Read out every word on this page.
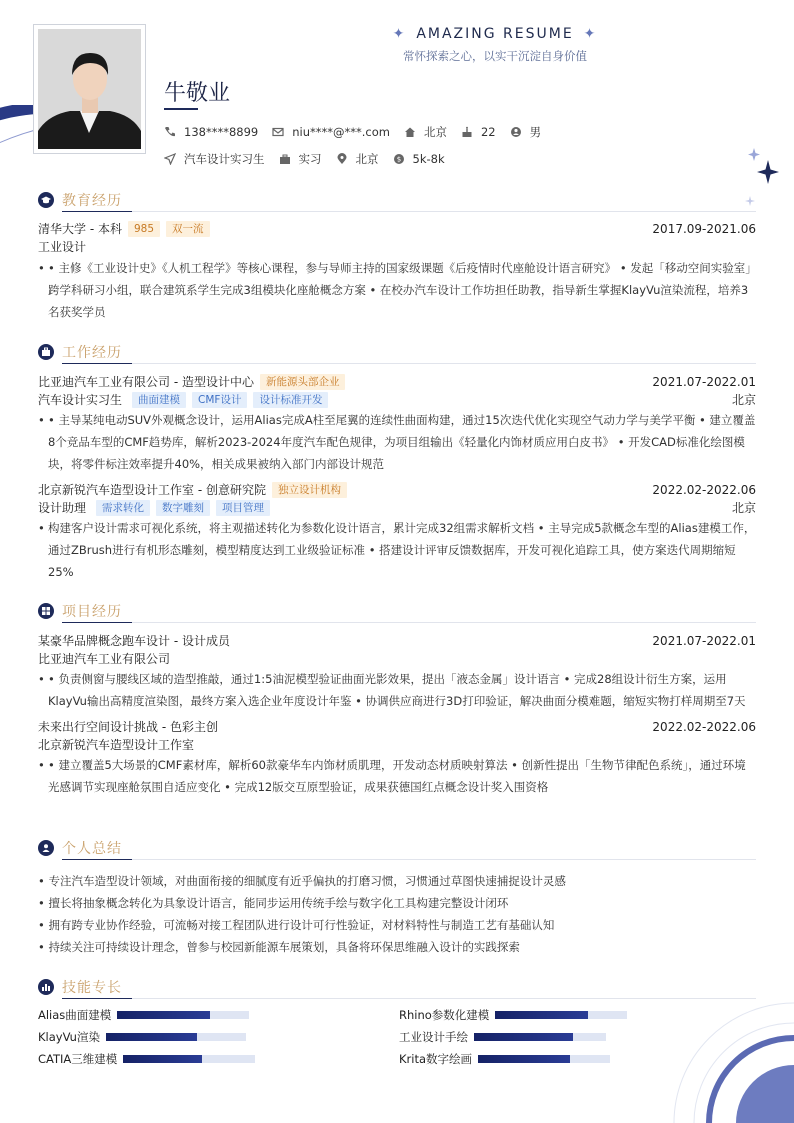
✦ AMAZING RESUME ✦
常怀探索之心，以实干沉淀自身价值
牛敬业
138****8899	niu****@***.com	北京	22	男
汽车设计实习生	实习	北京	$ 5k-8k
教育经历
清华大学 - 本科	985	双一流	2017.09-2021.06
工业设计
• • 主修《工业设计史》《人机工程学》等核心课程，参与导师主持的国家级课题《后疫情时代座舱设计语言研究》 • 发起「移动空间实验室」跨学科研习小组，联合建筑系学生完成3组模块化座舱概念方案 • 在校办汽车设计工作坊担任助教，指导新生掌握KlayVu渲染流程，培养3名获奖学员
工作经历
比亚迪汽车工业有限公司 - 造型设计中心	新能源头部企业	2021.07-2022.01
汽车设计实习生	曲面建模	CMF设计	设计标准开发	北京
• • 主导某纯电动SUV外观概念设计，运用Alias完成A柱至尾翼的连续性曲面构建，通过15次迭代优化实现空气动力学与美学平衡 • 建立覆盖8个竞品车型的CMF趋势库，解析2023-2024年度汽车配色规律，为项目组输出《轻量化内饰材质应用白皮书》 • 开发CAD标准化绘图模块，将零件标注效率提升40%，相关成果被纳入部门内部设计规范
北京新锐汽车造型设计工作室 - 创意研究院	独立设计机构	2022.02-2022.06
设计助理	需求转化	数字雕刻	项目管理	北京
• 构建客户设计需求可视化系统，将主观描述转化为参数化设计语言，累计完成32组需求解析文档 • 主导完成5款概念车型的Alias建模工作，通过ZBrush进行有机形态雕刻，模型精度达到工业级验证标准 • 搭建设计评审反馈数据库，开发可视化追踪工具，使方案迭代周期缩短25%
项目经历
某豪华品牌概念跑车设计 - 设计成员	2021.07-2022.01
比亚迪汽车工业有限公司
• • 负责侧窗与腰线区域的造型推敲，通过1:5油泥模型验证曲面光影效果，提出「液态金属」设计语言 • 完成28组设计衍生方案，运用KlayVu输出高精度渲染图，最终方案入选企业年度设计年鉴 • 协调供应商进行3D打印验证，解决曲面分模难题，缩短实物打样周期至7天
未来出行空间设计挑战 - 色彩主创	2022.02-2022.06
北京新锐汽车造型设计工作室
• • 建立覆盖5大场景的CMF素材库，解析60款豪华车内饰材质肌理，开发动态材质映射算法 • 创新性提出「生物节律配色系统」，通过环境光感调节实现座舱氛围自适应变化 • 完成12版交互原型验证，成果获德国红点概念设计奖入围资格
个人总结
• 专注汽车造型设计领域，对曲面衔接的细腻度有近乎偏执的打磨习惯，习惯通过草图快速捕捉设计灵感
• 擅长将抽象概念转化为具象设计语言，能同步运用传统手绘与数字化工具构建完整设计闭环
• 拥有跨专业协作经验，可流畅对接工程团队进行设计可行性验证，对材料特性与制造工艺有基础认知
• 持续关注可持续设计理念，曾参与校园新能源车展策划，具备将环保思维融入设计的实践探索
技能专长
Alias曲面建模	Rhino参数化建模
KlayVu渲染	工业设计手绘
CATIA三维建模	Krita数字绘画
